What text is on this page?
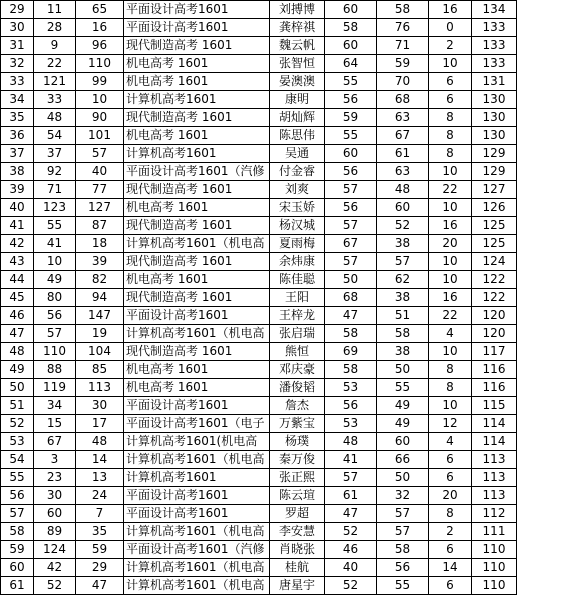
29	11	65	平面设计高考1601	刘搏博	60	58	16	134
30	28	16	平面设计高考1601	龚梓祺	58	76	0	133
31	9	96	现代制造高考 1601	魏云帆	60	71	2	133
32	22	110	机电高考 1601	张智恒	64	59	10	133
33	121	99	机电高考 1601	晏澳澳	55	70	6	131
34	33	10	计算机高考1601	康明	56	68	6	130
35	48	90	现代制造高考 1601	胡灿辉	59	63	8	130
36	54	101	机电高考 1601	陈思伟	55	67	8	130
37	37	57	计算机高考1601	吴通	60	61	8	129
38	92	40	平面设计高考1601（汽修	付金睿	56	63	10	129
39	71	77	现代制造高考 1601	刘爽	57	48	22	127
40	123	127	机电高考 1601	宋玉娇	56	60	10	126
41	55	87	现代制造高考 1601	杨汉城	57	52	16	125
42	41	18	计算机高考1601（机电高	夏雨梅	67	38	20	125
43	10	39	现代制造高考 1601	余炜康	57	57	10	124
44	49	82	机电高考 1601	陈佳聪	50	62	10	122
45	80	94	现代制造高考 1601	王阳	68	38	16	122
46	56	147	平面设计高考1601	王梓龙	47	51	22	120
47	57	19	计算机高考1601（机电高	张启瑞	58	58	4	120
48	110	104	现代制造高考 1601	熊恒	69	38	10	117
49	88	85	机电高考 1601	邓庆豪	58	50	8	116
50	119	113	机电高考 1601	潘俊韬	53	55	8	116
51	34	30	平面设计高考1601	詹杰	56	49	10	115
52	15	17	平面设计高考1601（电子	万紫宝	53	49	12	114
53	67	48	计算机高考1601(机电高	杨璞	48	60	4	114
54	3	14	计算机高考1601（机电高	秦万俊	41	66	6	113
55	23	13	计算机高考1601	张正熙	57	50	6	113
56	30	24	平面设计高考1601	陈云瑄	61	32	20	113
57	60	7	平面设计高考1601	罗超	47	57	8	112
58	89	35	计算机高考1601（机电高	李安慧	52	57	2	111
59	124	59	平面设计高考1601（汽修	肖晓张	46	58	6	110
60	42	29	计算机高考1601（机电高	桂航	40	56	14	110
61	52	47	计算机高考1601（机电高	唐星宇	52	55	6	110
